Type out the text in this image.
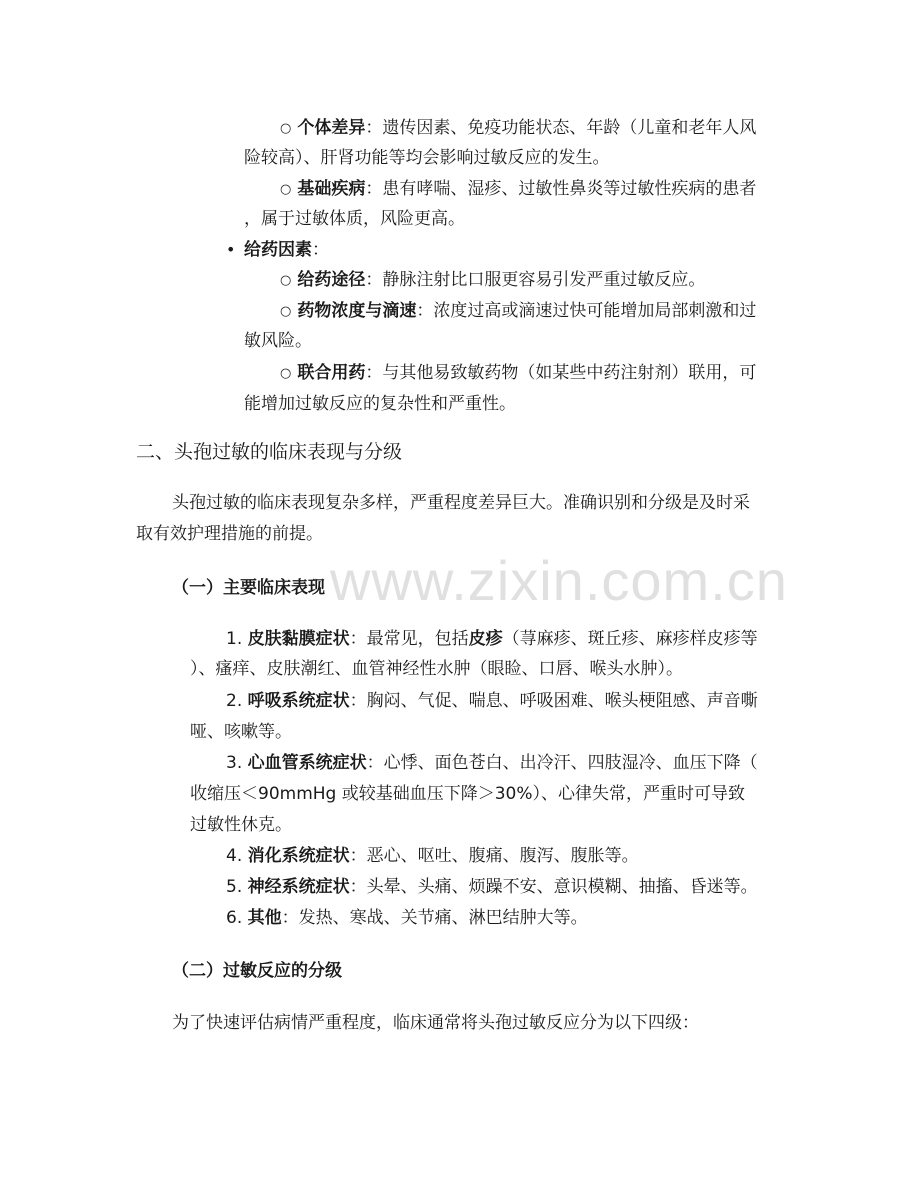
○ 个体差异：遗传因素、免疫功能状态、年龄（儿童和老年人风
险较高）、肝肾功能等均会影响过敏反应的发生。
○ 基础疾病：患有哮喘、湿疹、过敏性鼻炎等过敏性疾病的患者
，属于过敏体质，风险更高。
• 给药因素：
○ 给药途径：静脉注射比口服更容易引发严重过敏反应。
○ 药物浓度与滴速：浓度过高或滴速过快可能增加局部刺激和过
敏风险。
○ 联合用药：与其他易致敏药物（如某些中药注射剂）联用，可
能增加过敏反应的复杂性和严重性。
二、头孢过敏的临床表现与分级
头孢过敏的临床表现复杂多样，严重程度差异巨大。准确识别和分级是及时采
取有效护理措施的前提。
www.zixin.com.cn
（一）主要临床表现
1. 皮肤黏膜症状：最常见，包括皮疹（荨麻疹、斑丘疹、麻疹样皮疹等
）、瘙痒、皮肤潮红、血管神经性水肿（眼睑、口唇、喉头水肿）。
2. 呼吸系统症状：胸闷、气促、喘息、呼吸困难、喉头梗阻感、声音嘶
哑、咳嗽等。
3. 心血管系统症状：心悸、面色苍白、出冷汗、四肢湿冷、血压下降（
收缩压＜90mmHg 或较基础血压下降＞30%）、心律失常，严重时可导致
过敏性休克。
4. 消化系统症状：恶心、呕吐、腹痛、腹泻、腹胀等。
5. 神经系统症状：头晕、头痛、烦躁不安、意识模糊、抽搐、昏迷等。
6. 其他：发热、寒战、关节痛、淋巴结肿大等。
（二）过敏反应的分级
为了快速评估病情严重程度，临床通常将头孢过敏反应分为以下四级：
